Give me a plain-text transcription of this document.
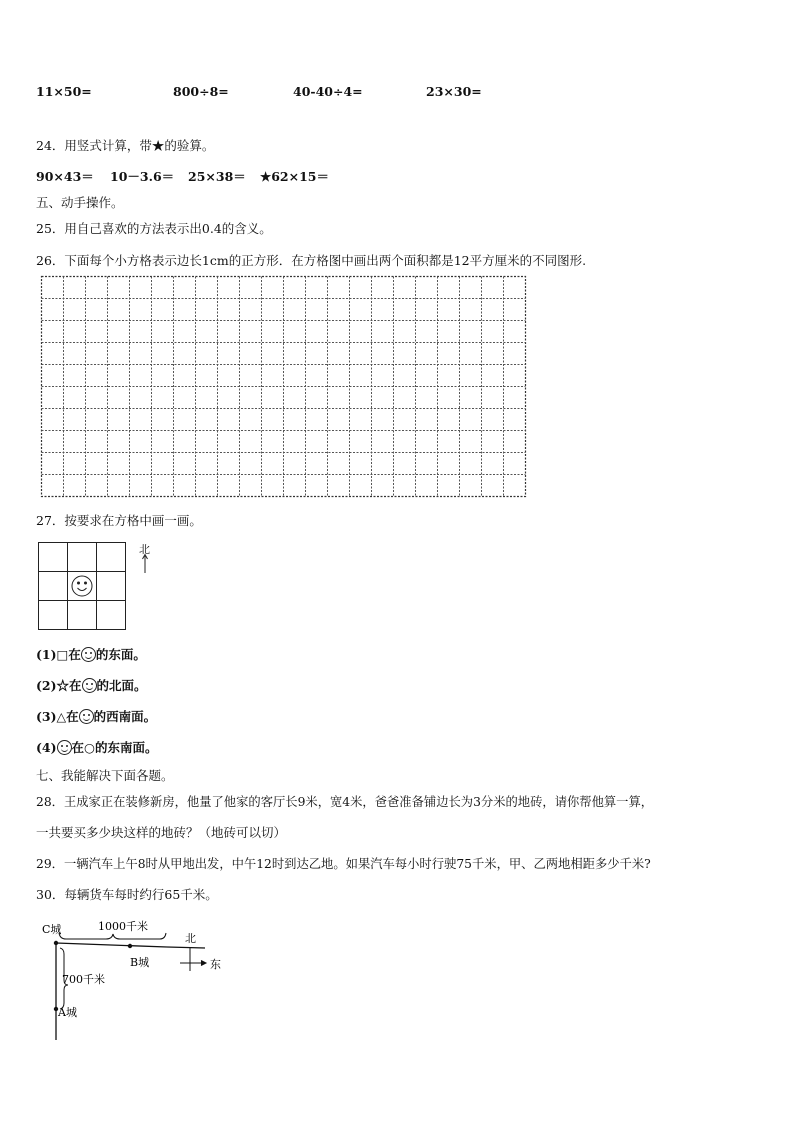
11×50=	800÷8=	40-40÷4=	23×30=
24．用竖式计算，带★的验算。
90×43＝ 10－3.6＝ 25×38＝ ★62×15＝
五、动手操作。
25．用自己喜欢的方法表示出0.4的含义。
26．下面每个小方格表示边长1cm的正方形．在方格图中画出两个面积都是12平方厘米的不同图形.
27．按要求在方格中画一画。
北
(1)□在 的东面。
(2)☆在 的北面。
(3)△在 的西南面。
(4) 在○的东南面。
七、我能解决下面各题。
28．王成家正在装修新房，他量了他家的客厅长9米，宽4米，爸爸准备铺边长为3分米的地砖，请你帮他算一算，
一共要买多少块这样的地砖？（地砖可以切）
29．一辆汽车上午8时从甲地出发，中午12时到达乙地。如果汽车每小时行驶75千米，甲、乙两地相距多少千米?
30．每辆货车每时约行65千米。
C城	1000千米
B城
700千米
A城
北
东
